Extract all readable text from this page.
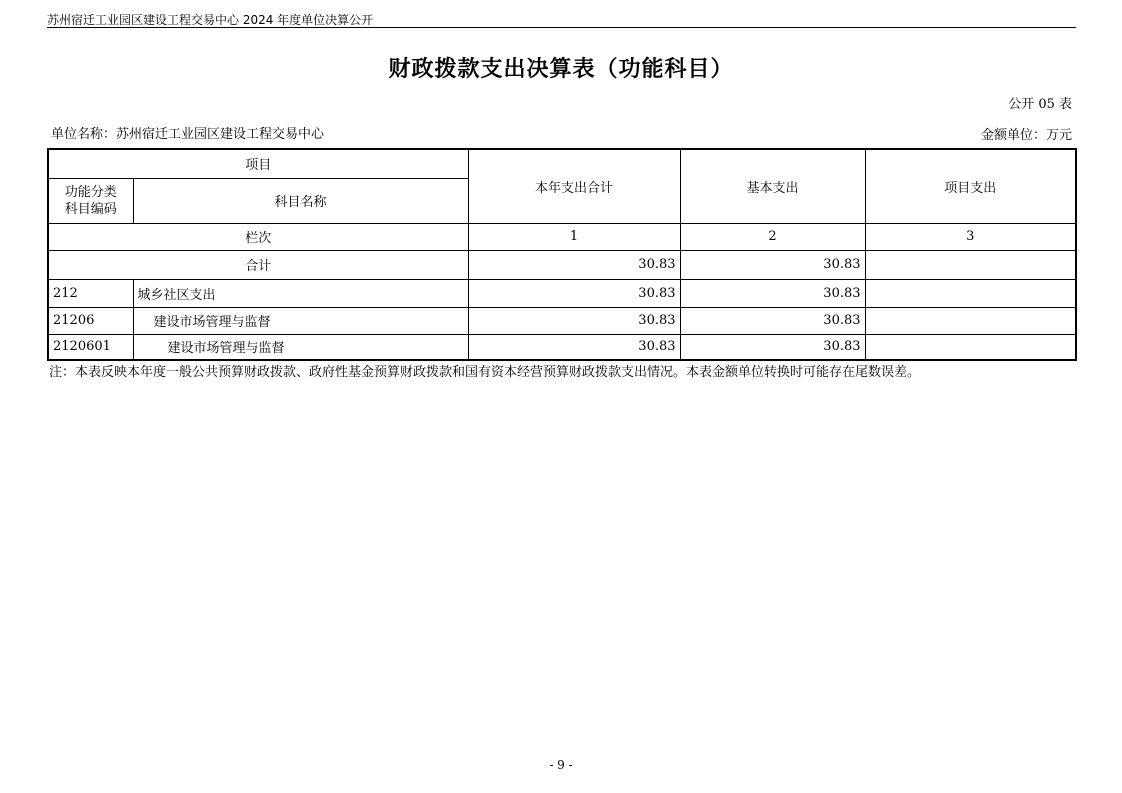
苏州宿迁工业园区建设工程交易中心 2024 年度单位决算公开
财政拨款支出决算表（功能科目）
公开 05 表
单位名称：苏州宿迁工业园区建设工程交易中心	金额单位：万元
项目		本年支出合计	基本支出	项目支出
功能分类
科目编码	科目名称			
栏次		1	2	3
合计		30.83	30.83	
212	城乡社区支出	30.83	30.83	
21206	建设市场管理与监督	30.83	30.83	
2120601	建设市场管理与监督	30.83	30.83	
注：本表反映本年度一般公共预算财政拨款、政府性基金预算财政拨款和国有资本经营预算财政拨款支出情况。本表金额单位转换时可能存在尾数误差。
- 9 -
